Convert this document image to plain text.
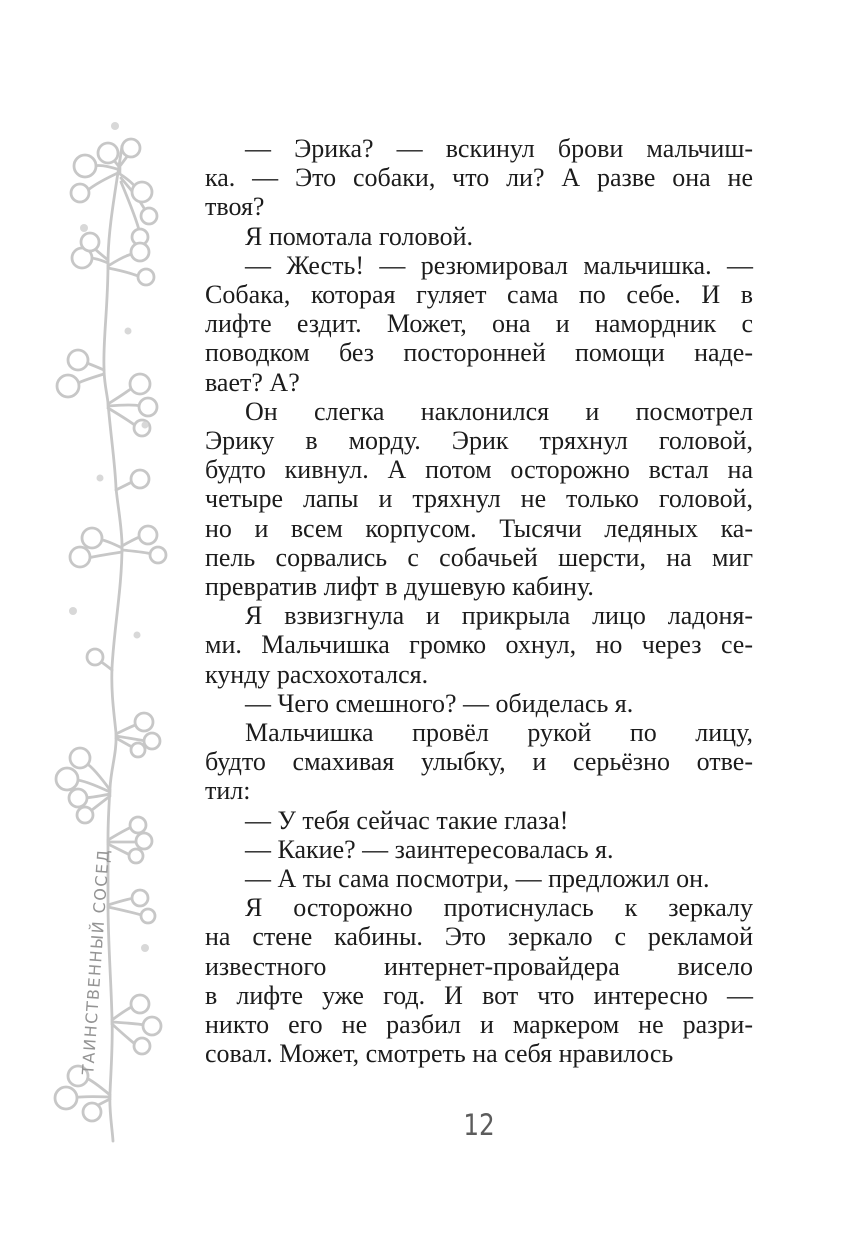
ТАИНСТВЕННЫЙ СОСЕД
— Эрика? — вскинул брови мальчиш-
ка. — Это собаки, что ли? А разве она не
твоя?
Я помотала головой.
— Жесть! — резюмировал мальчишка. —
Собака, которая гуляет сама по себе. И в
лифте ездит. Может, она и намордник с
поводком без посторонней помощи наде-
вает? А?
Он слегка наклонился и посмотрел
Эрику в морду. Эрик тряхнул головой,
будто кивнул. А потом осторожно встал на
четыре лапы и тряхнул не только головой,
но и всем корпусом. Тысячи ледяных ка-
пель сорвались с собачьей шерсти, на миг
превратив лифт в душевую кабину.
Я взвизгнула и прикрыла лицо ладоня-
ми. Мальчишка громко охнул, но через се-
кунду расхохотался.
— Чего смешного? — обиделась я.
Мальчишка провёл рукой по лицу,
будто смахивая улыбку, и серьёзно отве-
тил:
— У тебя сейчас такие глаза!
— Какие? — заинтересовалась я.
— А ты сама посмотри, — предложил он.
Я осторожно протиснулась к зеркалу
на стене кабины. Это зеркало с рекламой
известного интернет-провайдера висело
в лифте уже год. И вот что интересно —
никто его не разбил и маркером не разри-
совал. Может, смотреть на себя нравилось
12
